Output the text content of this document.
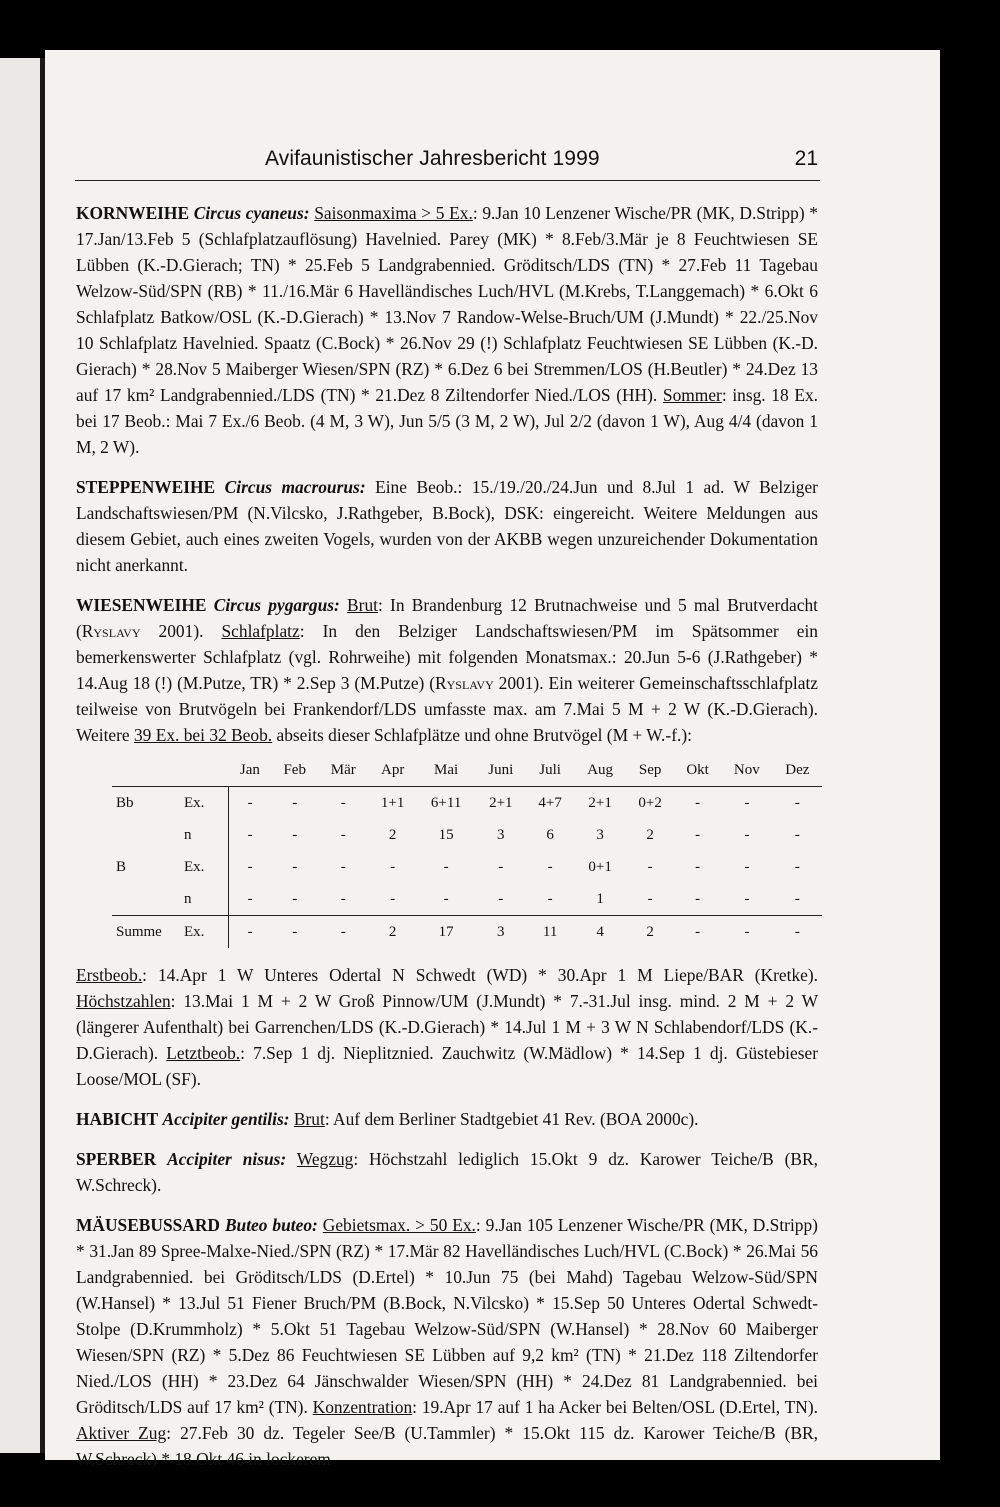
Avifaunistischer Jahresbericht 1999	21

KORNWEIHE Circus cyaneus: Saisonmaxima > 5 Ex.: 9.Jan 10 Lenzener Wische/PR (MK, D.Stripp) * 17.Jan/13.Feb 5 (Schlafplatzauflösung) Havelnied. Parey (MK) * 8.Feb/3.Mär je 8 Feuchtwiesen SE Lübben (K.-D.Gierach; TN) * 25.Feb 5 Landgrabennied. Gröditsch/LDS (TN) * 27.Feb 11 Tagebau Welzow-Süd/SPN (RB) * 11./16.Mär 6 Havelländisches Luch/HVL (M.Krebs, T.Langgemach) * 6.Okt 6 Schlafplatz Batkow/OSL (K.-D.Gierach) * 13.Nov 7 Randow-Welse-Bruch/UM (J.Mundt) * 22./25.Nov 10 Schlafplatz Havelnied. Spaatz (C.Bock) * 26.Nov 29 (!) Schlafplatz Feuchtwiesen SE Lübben (K.-D. Gierach) * 28.Nov 5 Maiberger Wiesen/SPN (RZ) * 6.Dez 6 bei Stremmen/LOS (H.Beutler) * 24.Dez 13 auf 17 km² Landgrabennied./LDS (TN) * 21.Dez 8 Ziltendorfer Nied./LOS (HH). Sommer: insg. 18 Ex. bei 17 Beob.: Mai 7 Ex./6 Beob. (4 M, 3 W), Jun 5/5 (3 M, 2 W), Jul 2/2 (davon 1 W), Aug 4/4 (davon 1 M, 2 W).

STEPPENWEIHE Circus macrourus: Eine Beob.: 15./19./20./24.Jun und 8.Jul 1 ad. W Belziger Landschaftswiesen/PM (N.Vilcsko, J.Rathgeber, B.Bock), DSK: eingereicht. Weitere Meldungen aus diesem Gebiet, auch eines zweiten Vogels, wurden von der AKBB wegen unzureichender Dokumentation nicht anerkannt.

WIESENWEIHE Circus pygargus: Brut: In Brandenburg 12 Brutnachweise und 5 mal Brutverdacht (Ryslavy 2001). Schlafplatz: In den Belziger Landschaftswiesen/PM im Spätsommer ein bemerkenswerter Schlafplatz (vgl. Rohrweihe) mit folgenden Monatsmax.: 20.Jun 5-6 (J.Rathgeber) * 14.Aug 18 (!) (M.Putze, TR) * 2.Sep 3 (M.Putze) (Ryslavy 2001). Ein weiterer Gemeinschaftsschlafplatz teilweise von Brutvögeln bei Frankendorf/LDS umfasste max. am 7.Mai 5 M + 2 W (K.-D.Gierach). Weitere 39 Ex. bei 32 Beob. abseits dieser Schlafplätze und ohne Brutvögel (M + W.-f.):

		Jan	Feb	Mär	Apr	Mai	Juni	Juli	Aug	Sep	Okt	Nov	Dez
Bb	Ex.	-	-	-	1+1	6+11	2+1	4+7	2+1	0+2	-	-	-
	n	-	-	-	2	15	3	6	3	2	-	-	-
B	Ex.	-	-	-	-	-	-	-	0+1	-	-	-	-
	n	-	-	-	-	-	-	-	1	-	-	-	-
Summe	Ex.	-	-	-	2	17	3	11	4	2	-	-	-

Erstbeob.: 14.Apr 1 W Unteres Odertal N Schwedt (WD) * 30.Apr 1 M Liepe/BAR (Kretke). Höchstzahlen: 13.Mai 1 M + 2 W Groß Pinnow/UM (J.Mundt) * 7.-31.Jul insg. mind. 2 M + 2 W (längerer Aufenthalt) bei Garrenchen/LDS (K.-D.Gierach) * 14.Jul 1 M + 3 W N Schlabendorf/LDS (K.-D.Gierach). Letztbeob.: 7.Sep 1 dj. Nieplitznied. Zauchwitz (W.Mädlow) * 14.Sep 1 dj. Güstebieser Loose/MOL (SF).

HABICHT Accipiter gentilis: Brut: Auf dem Berliner Stadtgebiet 41 Rev. (BOA 2000c).

SPERBER Accipiter nisus: Wegzug: Höchstzahl lediglich 15.Okt 9 dz. Karower Teiche/B (BR, W.Schreck).

MÄUSEBUSSARD Buteo buteo: Gebietsmax. > 50 Ex.: 9.Jan 105 Lenzener Wische/PR (MK, D.Stripp) * 31.Jan 89 Spree-Malxe-Nied./SPN (RZ) * 17.Mär 82 Havelländisches Luch/HVL (C.Bock) * 26.Mai 56 Landgrabennied. bei Gröditsch/LDS (D.Ertel) * 10.Jun 75 (bei Mahd) Tagebau Welzow-Süd/SPN (W.Hansel) * 13.Jul 51 Fiener Bruch/PM (B.Bock, N.Vilcsko) * 15.Sep 50 Unteres Odertal Schwedt-Stolpe (D.Krummholz) * 5.Okt 51 Tagebau Welzow-Süd/SPN (W.Hansel) * 28.Nov 60 Maiberger Wiesen/SPN (RZ) * 5.Dez 86 Feuchtwiesen SE Lübben auf 9,2 km² (TN) * 21.Dez 118 Ziltendorfer Nied./LOS (HH) * 23.Dez 64 Jänschwalder Wiesen/SPN (HH) * 24.Dez 81 Landgrabennied. bei Gröditsch/LDS auf 17 km² (TN). Konzentration: 19.Apr 17 auf 1 ha Acker bei Belten/OSL (D.Ertel, TN). Aktiver Zug: 27.Feb 30 dz. Tegeler See/B (U.Tammler) * 15.Okt 115 dz. Karower Teiche/B (BR, W.Schreck) * 18.Okt 46 in lockerem
